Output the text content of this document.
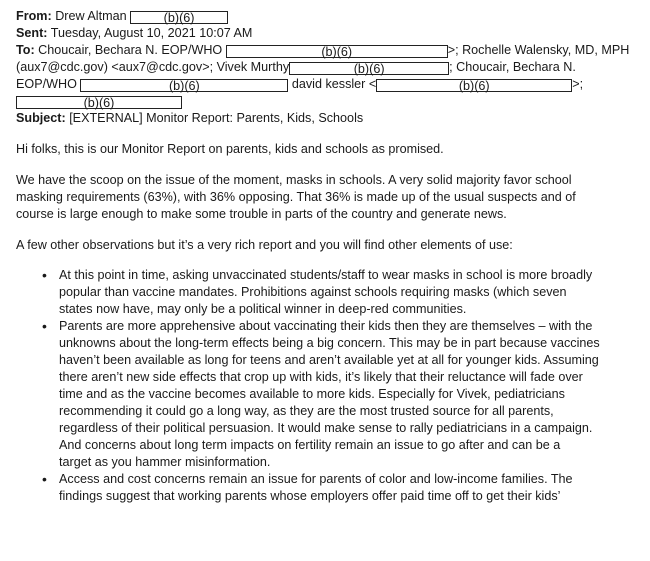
From: Drew Altman	(b)(6)
Sent: Tuesday, August 10, 2021 10:07 AM
To: Choucair, Bechara N. EOP/WHO	(b)(6)	>; Rochelle Walensky, MD, MPH
(aux7@cdc.gov) <aux7@cdc.gov>; Vivek Murthy	(b)(6)	; Choucair, Bechara N.
EOP/WHO	(b)(6)	david kessler <	(b)(6)	>;
(b)(6)
Subject: [EXTERNAL] Monitor Report: Parents, Kids, Schools

Hi folks, this is our Monitor Report on parents, kids and schools as promised.

We have the scoop on the issue of the moment, masks in schools. A very solid majority favor school
masking requirements (63%), with 36% opposing. That 36% is made up of the usual suspects and of
course is large enough to make some trouble in parts of the country and generate news.

A few other observations but it’s a very rich report and you will find other elements of use:

• At this point in time, asking unvaccinated students/staff to wear masks in school is more broadly
popular than vaccine mandates. Prohibitions against schools requiring masks (which seven
states now have, may only be a political winner in deep-red communities.
• Parents are more apprehensive about vaccinating their kids then they are themselves – with the
unknowns about the long-term effects being a big concern. This may be in part because vaccines
haven’t been available as long for teens and aren’t available yet at all for younger kids. Assuming
there aren’t new side effects that crop up with kids, it’s likely that their reluctance will fade over
time and as the vaccine becomes available to more kids. Especially for Vivek, pediatricians
recommending it could go a long way, as they are the most trusted source for all parents,
regardless of their political persuasion. It would make sense to rally pediatricians in a campaign.
And concerns about long term impacts on fertility remain an issue to go after and can be a
target as you hammer misinformation.
• Access and cost concerns remain an issue for parents of color and low-income families. The
findings suggest that working parents whose employers offer paid time off to get their kids’
